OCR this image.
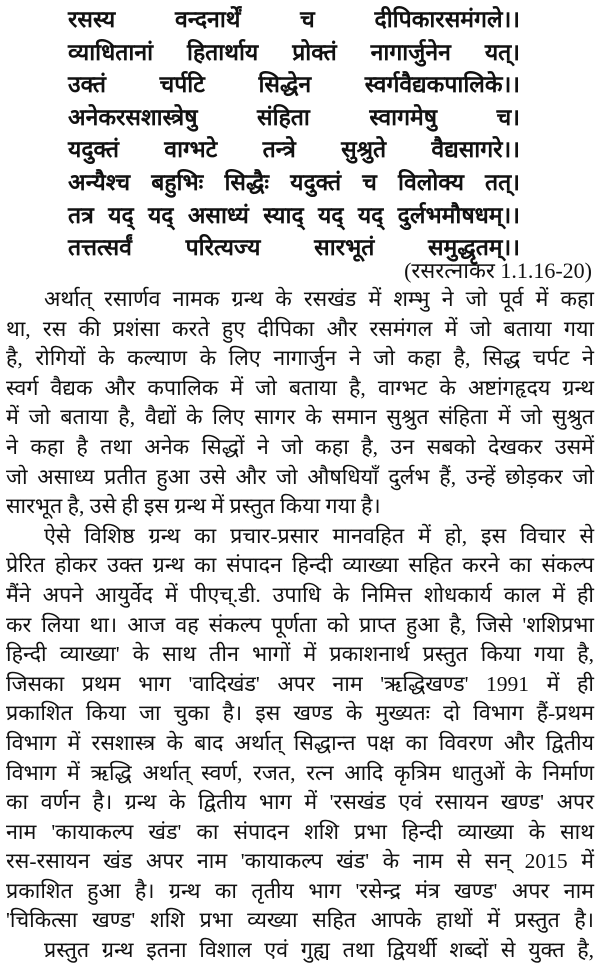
रसस्य वन्दनार्थें च दीपिकारसमंगले।।
व्याधितानां हितार्थाय प्रोक्तं नागार्जुनेन यत्।
उक्तं चर्पटि सिद्धेन स्वर्गवैद्यकपालिके।।
अनेकरसशास्त्रेषु संहिता स्वागमेषु च।
यदुक्तं वाग्भटे तन्त्रे सुश्रुते वैद्यसागरे।।
अन्यैश्च बहुभिः सिद्धैः यदुक्तं च विलोक्य तत्।
तत्र यद् यद् असाध्यं स्याद् यद् यद् दुर्लभमौषधम्।।
तत्तत्सर्वं परित्यज्य सारभूतं समुद्धृतम्।।
(रसरत्नाकर 1.1.16-20)
अर्थात् रसार्णव नामक ग्रन्थ के रसखंड में शम्भु ने जो पूर्व में कहा
था, रस की प्रशंसा करते हुए दीपिका और रसमंगल में जो बताया गया
है, रोगियों के कल्याण के लिए नागार्जुन ने जो कहा है, सिद्ध चर्पट ने
स्वर्ग वैद्यक और कपालिक में जो बताया है, वाग्भट के अष्टांगहृदय ग्रन्थ
में जो बताया है, वैद्यों के लिए सागर के समान सुश्रुत संहिता में जो सुश्रुत
ने कहा है तथा अनेक सिद्धों ने जो कहा है, उन सबको देखकर उसमें
जो असाध्य प्रतीत हुआ उसे और जो औषधियाँ दुर्लभ हैं, उन्हें छोड़कर जो
सारभूत है, उसे ही इस ग्रन्थ में प्रस्तुत किया गया है।
ऐसे विशिष्ठ ग्रन्थ का प्रचार-प्रसार मानवहित में हो, इस विचार से
प्रेरित होकर उक्त ग्रन्थ का संपादन हिन्दी व्याख्या सहित करने का संकल्प
मैंने अपने आयुर्वेद में पीएच्.डी. उपाधि के निमित्त शोधकार्य काल में ही
कर लिया था। आज वह संकल्प पूर्णता को प्राप्त हुआ है, जिसे 'शशिप्रभा
हिन्दी व्याख्या' के साथ तीन भागों में प्रकाशनार्थ प्रस्तुत किया गया है,
जिसका प्रथम भाग 'वादिखंड' अपर नाम 'ऋद्धिखण्ड' 1991 में ही
प्रकाशित किया जा चुका है। इस खण्ड के मुख्यतः दो विभाग हैं-प्रथम
विभाग में रसशास्त्र के बाद अर्थात् सिद्धान्त पक्ष का विवरण और द्वितीय
विभाग में ऋद्धि अर्थात् स्वर्ण, रजत, रत्न आदि कृत्रिम धातुओं के निर्माण
का वर्णन है। ग्रन्थ के द्वितीय भाग में 'रसखंड एवं रसायन खण्ड' अपर
नाम 'कायाकल्प खंड' का संपादन शशि प्रभा हिन्दी व्याख्या के साथ
रस-रसायन खंड अपर नाम 'कायाकल्प खंड' के नाम से सन् 2015 में
प्रकाशित हुआ है। ग्रन्थ का तृतीय भाग 'रसेन्द्र मंत्र खण्ड' अपर नाम
'चिकित्सा खण्ड' शशि प्रभा व्यख्या सहित आपके हाथों में प्रस्तुत है।
प्रस्तुत ग्रन्थ इतना विशाल एवं गुह्य तथा द्वियर्थी शब्दों से युक्त है,
